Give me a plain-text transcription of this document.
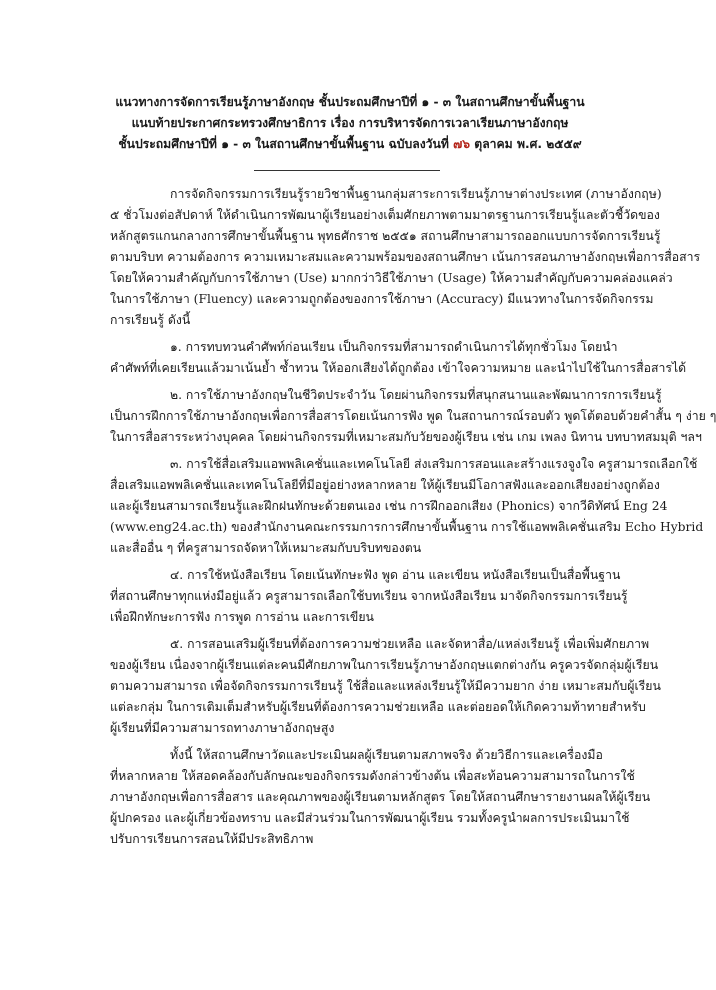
แนวทางการจัดการเรียนรู้ภาษาอังกฤษ ชั้นประถมศึกษาปีที่ ๑ - ๓ ในสถานศึกษาขั้นพื้นฐาน
แนบท้ายประกาศกระทรวงศึกษาธิการ เรื่อง การบริหารจัดการเวลาเรียนภาษาอังกฤษ
ชั้นประถมศึกษาปีที่ ๑ - ๓ ในสถานศึกษาขั้นพื้นฐาน ฉบับลงวันที่ ๗๖ ตุลาคม พ.ศ. ๒๕๕๙
การจัดกิจกรรมการเรียนรู้รายวิชาพื้นฐานกลุ่มสาระการเรียนรู้ภาษาต่างประเทศ (ภาษาอังกฤษ)
๕ ชั่วโมงต่อสัปดาห์ ให้ดำเนินการพัฒนาผู้เรียนอย่างเต็มศักยภาพตามมาตรฐานการเรียนรู้และตัวชี้วัดของ
หลักสูตรแกนกลางการศึกษาขั้นพื้นฐาน พุทธศักราช ๒๕๕๑ สถานศึกษาสามารถออกแบบการจัดการเรียนรู้
ตามบริบท ความต้องการ ความเหมาะสมและความพร้อมของสถานศึกษา เน้นการสอนภาษาอังกฤษเพื่อการสื่อสาร
โดยให้ความสำคัญกับการใช้ภาษา (Use) มากกว่าวิธีใช้ภาษา (Usage) ให้ความสำคัญกับความคล่องแคล่ว
ในการใช้ภาษา (Fluency) และความถูกต้องของการใช้ภาษา (Accuracy) มีแนวทางในการจัดกิจกรรม
การเรียนรู้ ดังนี้
๑. การทบทวนคำศัพท์ก่อนเรียน เป็นกิจกรรมที่สามารถดำเนินการได้ทุกชั่วโมง โดยนำ
คำศัพท์ที่เคยเรียนแล้วมาเน้นย้ำ ซ้ำทวน ให้ออกเสียงได้ถูกต้อง เข้าใจความหมาย และนำไปใช้ในการสื่อสารได้
๒. การใช้ภาษาอังกฤษในชีวิตประจำวัน โดยผ่านกิจกรรมที่สนุกสนานและพัฒนาการการเรียนรู้
เป็นการฝึกการใช้ภาษาอังกฤษเพื่อการสื่อสารโดยเน้นการฟัง พูด ในสถานการณ์รอบตัว พูดโต้ตอบด้วยคำสั้น ๆ ง่าย ๆ
ในการสื่อสารระหว่างบุคคล โดยผ่านกิจกรรมที่เหมาะสมกับวัยของผู้เรียน เช่น เกม เพลง นิทาน บทบาทสมมุติ ฯลฯ
๓. การใช้สื่อเสริมแอพพลิเคชั่นและเทคโนโลยี ส่งเสริมการสอนและสร้างแรงจูงใจ ครูสามารถเลือกใช้
สื่อเสริมแอพพลิเคชั่นและเทคโนโลยีที่มีอยู่อย่างหลากหลาย ให้ผู้เรียนมีโอกาสฟังและออกเสียงอย่างถูกต้อง
และผู้เรียนสามารถเรียนรู้และฝึกฝนทักษะด้วยตนเอง เช่น การฝึกออกเสียง (Phonics) จากวีดิทัศน์ Eng 24
(www.eng24.ac.th) ของสำนักงานคณะกรรมการการศึกษาขั้นพื้นฐาน การใช้แอพพลิเคชั่นเสริม Echo Hybrid
และสื่ออื่น ๆ ที่ครูสามารถจัดหาให้เหมาะสมกับบริบทของตน
๔. การใช้หนังสือเรียน โดยเน้นทักษะฟัง พูด อ่าน และเขียน หนังสือเรียนเป็นสื่อพื้นฐาน
ที่สถานศึกษาทุกแห่งมีอยู่แล้ว ครูสามารถเลือกใช้บทเรียน จากหนังสือเรียน มาจัดกิจกรรมการเรียนรู้
เพื่อฝึกทักษะการฟัง การพูด การอ่าน และการเขียน
๕. การสอนเสริมผู้เรียนที่ต้องการความช่วยเหลือ และจัดหาสื่อ/แหล่งเรียนรู้ เพื่อเพิ่มศักยภาพ
ของผู้เรียน เนื่องจากผู้เรียนแต่ละคนมีศักยภาพในการเรียนรู้ภาษาอังกฤษแตกต่างกัน ครูควรจัดกลุ่มผู้เรียน
ตามความสามารถ เพื่อจัดกิจกรรมการเรียนรู้ ใช้สื่อและแหล่งเรียนรู้ให้มีความยาก ง่าย เหมาะสมกับผู้เรียน
แต่ละกลุ่ม ในการเติมเต็มสำหรับผู้เรียนที่ต้องการความช่วยเหลือ และต่อยอดให้เกิดความท้าทายสำหรับ
ผู้เรียนที่มีความสามารถทางภาษาอังกฤษสูง
ทั้งนี้ ให้สถานศึกษาวัดและประเมินผลผู้เรียนตามสภาพจริง ด้วยวิธีการและเครื่องมือ
ที่หลากหลาย ให้สอดคล้องกับลักษณะของกิจกรรมดังกล่าวข้างต้น เพื่อสะท้อนความสามารถในการใช้
ภาษาอังกฤษเพื่อการสื่อสาร และคุณภาพของผู้เรียนตามหลักสูตร โดยให้สถานศึกษารายงานผลให้ผู้เรียน
ผู้ปกครอง และผู้เกี่ยวข้องทราบ และมีส่วนร่วมในการพัฒนาผู้เรียน รวมทั้งครูนำผลการประเมินมาใช้
ปรับการเรียนการสอนให้มีประสิทธิภาพ
